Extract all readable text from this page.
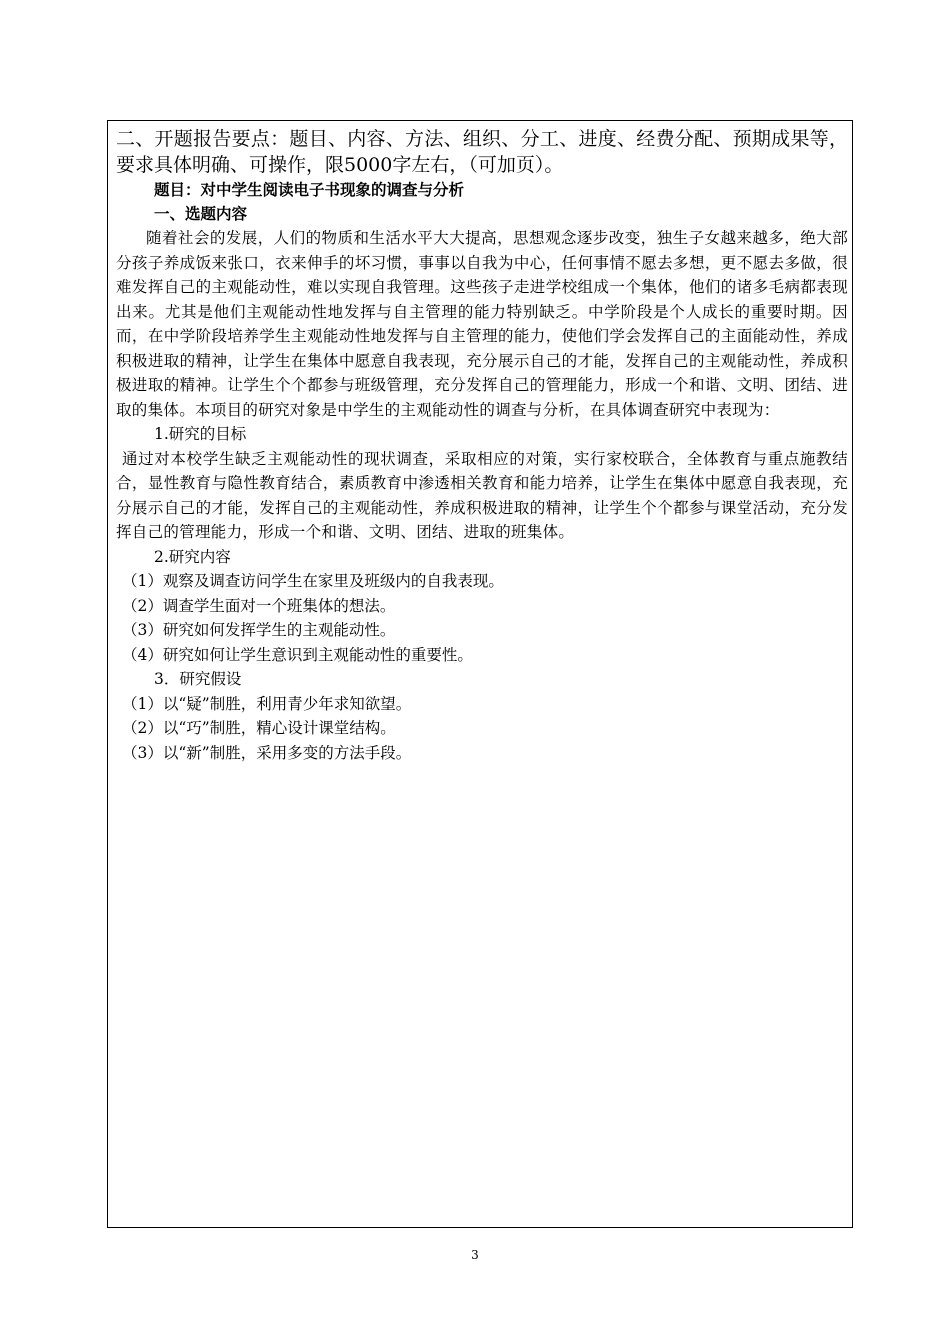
二、开题报告要点：题目、内容、方法、组织、分工、进度、经费分配、预期成果等，要求具体明确、可操作，限5000字左右，（可加页）。

题目：对中学生阅读电子书现象的调查与分析

一、选题内容

随着社会的发展，人们的物质和生活水平大大提高，思想观念逐步改变，独生子女越来越多，绝大部分孩子养成饭来张口，衣来伸手的坏习惯，事事以自我为中心，任何事情不愿去多想，更不愿去多做，很难发挥自己的主观能动性，难以实现自我管理。这些孩子走进学校组成一个集体，他们的诸多毛病都表现出来。尤其是他们主观能动性地发挥与自主管理的能力特别缺乏。中学阶段是个人成长的重要时期。因而，在中学阶段培养学生主观能动性地发挥与自主管理的能力，使他们学会发挥自己的主面能动性，养成积极进取的精神，让学生在集体中愿意自我表现，充分展示自己的才能，发挥自己的主观能动性，养成积极进取的精神。让学生个个都参与班级管理，充分发挥自己的管理能力，形成一个和谐、文明、团结、进取的集体。本项目的研究对象是中学生的主观能动性的调查与分析，在具体调查研究中表现为：

1.研究的目标

通过对本校学生缺乏主观能动性的现状调查，采取相应的对策，实行家校联合，全体教育与重点施教结合，显性教育与隐性教育结合，素质教育中渗透相关教育和能力培养，让学生在集体中愿意自我表现，充分展示自己的才能，发挥自己的主观能动性，养成积极进取的精神，让学生个个都参与课堂活动，充分发挥自己的管理能力，形成一个和谐、文明、团结、进取的班集体。

2.研究内容

（1）观察及调查访问学生在家里及班级内的自我表现。

（2）调查学生面对一个班集体的想法。

（3）研究如何发挥学生的主观能动性。

（4）研究如何让学生意识到主观能动性的重要性。

3．研究假设

（1）以“疑”制胜，利用青少年求知欲望。

（2）以“巧”制胜，精心设计课堂结构。

（3）以“新”制胜，采用多变的方法手段。

3
